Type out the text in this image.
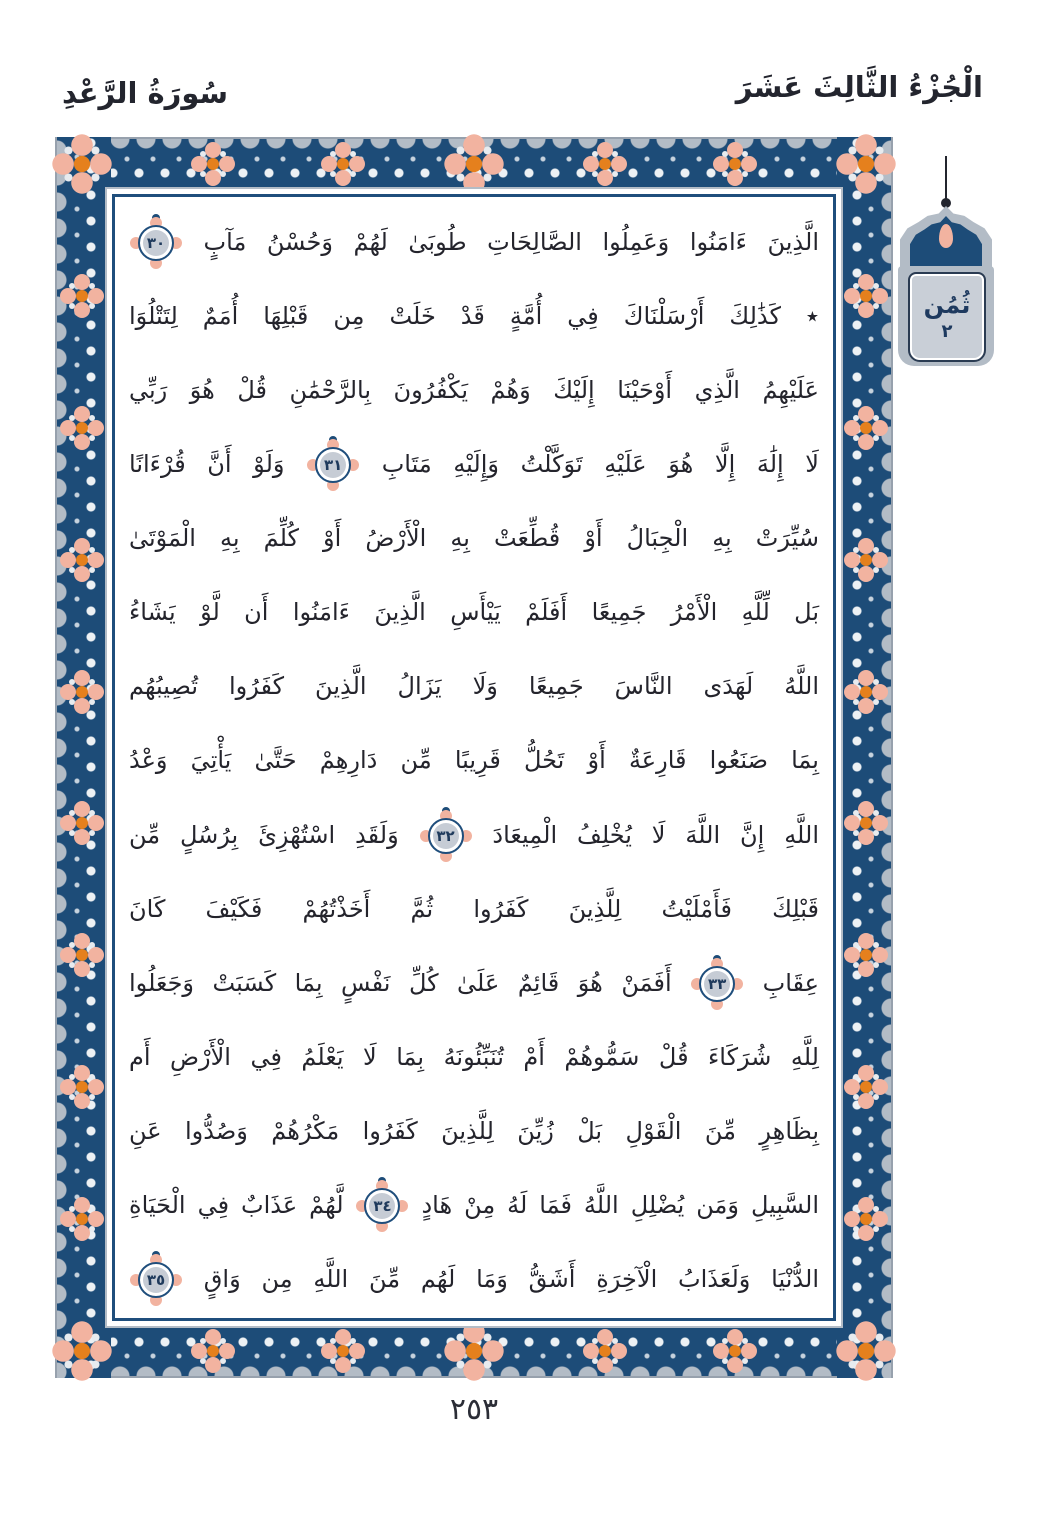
سُورَةُ الرَّعْدِ	الْجُزْءُ الثَّالِثَ عَشَرَ
الَّذِينَ ءَامَنُوا وَعَمِلُوا الصَّالِحَاتِ طُوبَىٰ لَهُمْ وَحُسْنُ مَآبٍ ٣٠
٭ كَذَٰلِكَ أَرْسَلْنَاكَ فِي أُمَّةٍ قَدْ خَلَتْ مِن قَبْلِهَا أُمَمٌ لِتَتْلُوَا
عَلَيْهِمُ الَّذِي أَوْحَيْنَا إِلَيْكَ وَهُمْ يَكْفُرُونَ بِالرَّحْمَٰنِ قُلْ هُوَ رَبِّي
لَا إِلَٰهَ إِلَّا هُوَ عَلَيْهِ تَوَكَّلْتُ وَإِلَيْهِ مَتَابِ ٣١ وَلَوْ أَنَّ قُرْءَانًا
سُيِّرَتْ بِهِ الْجِبَالُ أَوْ قُطِّعَتْ بِهِ الْأَرْضُ أَوْ كُلِّمَ بِهِ الْمَوْتَىٰ
بَل لِّلَّهِ الْأَمْرُ جَمِيعًا أَفَلَمْ يَيْأَسِ الَّذِينَ ءَامَنُوا أَن لَّوْ يَشَاءُ
اللَّهُ لَهَدَى النَّاسَ جَمِيعًا وَلَا يَزَالُ الَّذِينَ كَفَرُوا تُصِيبُهُم
بِمَا صَنَعُوا قَارِعَةٌ أَوْ تَحُلُّ قَرِيبًا مِّن دَارِهِمْ حَتَّىٰ يَأْتِيَ وَعْدُ
اللَّهِ إِنَّ اللَّهَ لَا يُخْلِفُ الْمِيعَادَ ٣٢ وَلَقَدِ اسْتُهْزِئَ بِرُسُلٍ مِّن
قَبْلِكَ فَأَمْلَيْتُ لِلَّذِينَ كَفَرُوا ثُمَّ أَخَذْتُهُمْ فَكَيْفَ كَانَ
عِقَابِ ٣٣ أَفَمَنْ هُوَ قَائِمٌ عَلَىٰ كُلِّ نَفْسٍ بِمَا كَسَبَتْ وَجَعَلُوا
لِلَّهِ شُرَكَاءَ قُلْ سَمُّوهُمْ أَمْ تُنَبِّئُونَهُ بِمَا لَا يَعْلَمُ فِي الْأَرْضِ أَم
بِظَاهِرٍ مِّنَ الْقَوْلِ بَلْ زُيِّنَ لِلَّذِينَ كَفَرُوا مَكْرُهُمْ وَصُدُّوا عَنِ
السَّبِيلِ وَمَن يُضْلِلِ اللَّهُ فَمَا لَهُ مِنْ هَادٍ ٣٤ لَّهُمْ عَذَابٌ فِي الْحَيَاةِ
الدُّنْيَا وَلَعَذَابُ الْآخِرَةِ أَشَقُّ وَمَا لَهُم مِّنَ اللَّهِ مِن وَاقٍ ٣٥
ثُمُن
٢
٢٥٣
